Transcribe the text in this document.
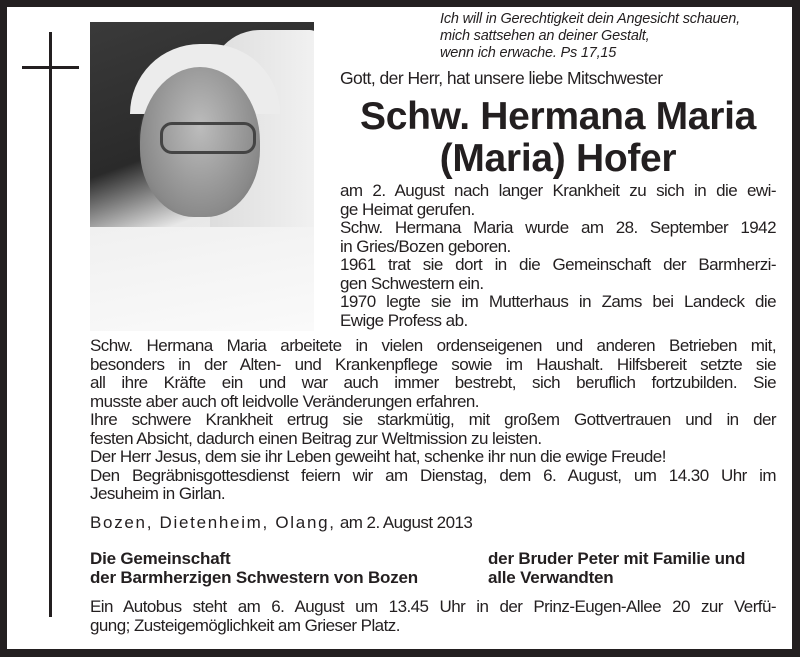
Ich will in Gerechtigkeit dein Angesicht schauen,
mich sattsehen an deiner Gestalt,
wenn ich erwache. Ps 17,15
Gott, der Herr, hat unsere liebe Mitschwester
Schw. Hermana Maria
(Maria) Hofer
am 2. August nach langer Krankheit zu sich in die ewi-
ge Heimat gerufen.
Schw. Hermana Maria wurde am 28. September 1942
in Gries/Bozen geboren.
1961 trat sie dort in die Gemeinschaft der Barmherzi-
gen Schwestern ein.
1970 legte sie im Mutterhaus in Zams bei Landeck die
Ewige Profess ab.
Schw. Hermana Maria arbeitete in vielen ordenseigenen und anderen Betrieben mit,
besonders in der Alten- und Krankenpflege sowie im Haushalt. Hilfsbereit setzte sie
all ihre Kräfte ein und war auch immer bestrebt, sich beruflich fortzubilden. Sie
musste aber auch oft leidvolle Veränderungen erfahren.
Ihre schwere Krankheit ertrug sie starkmütig, mit großem Gottvertrauen und in der
festen Absicht, dadurch einen Beitrag zur Weltmission zu leisten.
Der Herr Jesus, dem sie ihr Leben geweiht hat, schenke ihr nun die ewige Freude!
Den Begräbnisgottesdienst feiern wir am Dienstag, dem 6. August, um 14.30 Uhr im
Jesuheim in Girlan.
Bozen, Dietenheim, Olang, am 2. August 2013
Die Gemeinschaft
der Barmherzigen Schwestern von Bozen
der Bruder Peter mit Familie und
alle Verwandten
Ein Autobus steht am 6. August um 13.45 Uhr in der Prinz-Eugen-Allee 20 zur Verfü-
gung; Zusteigemöglichkeit am Grieser Platz.
